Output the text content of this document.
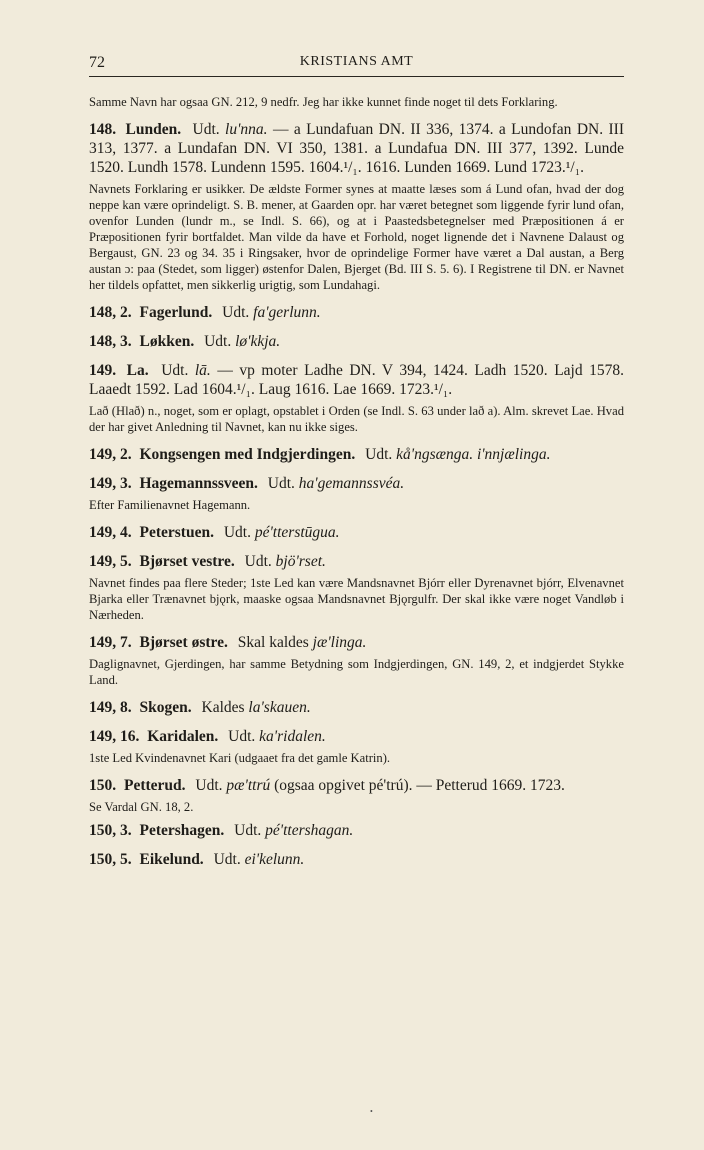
72	KRISTIANS AMT

Samme Navn har ogsaa GN. 212, 9 nedfr. Jeg har ikke kunnet finde noget til dets Forklaring.

148. Lunden. Udt. lu'nna. — a Lundafuan DN. II 336, 1374. a Lundofan DN. III 313, 1377. a Lundafan DN. VI 350, 1381. a Lundafua DN. III 377, 1392. Lunde 1520. Lundh 1578. Lundenn 1595. 1604.¹/₁. 1616. Lunden 1669. Lund 1723.¹/₁.

Navnets Forklaring er usikker. De ældste Former synes at maatte læses som á Lund ofan, hvad der dog neppe kan være oprindeligt. S. B. mener, at Gaarden opr. har været betegnet som liggende fyrir lund ofan, ovenfor Lunden (lundr m., se Indl. S. 66), og at i Paastedsbetegnelser med Præpositionen á er Præpositionen fyrir bortfaldet. Man vilde da have et Forhold, noget lignende det i Navnene Dalaust og Bergaust, GN. 23 og 34. 35 i Ringsaker, hvor de oprindelige Former have været a Dal austan, a Berg austan ɔ: paa (Stedet, som ligger) østenfor Dalen, Bjerget (Bd. III S. 5. 6). I Registrene til DN. er Navnet her tildels opfattet, men sikkerlig urigtig, som Lundahagi.

148, 2. Fagerlund. Udt. fa'gerlunn.

148, 3. Løkken. Udt. lø'kkja.

149. La. Udt. lā. — vp moter Ladhe DN. V 394, 1424. Ladh 1520. Lajd 1578. Laaedt 1592. Lad 1604.¹/₁. Laug 1616. Lae 1669. 1723.¹/₁.

Lað (Hlað) n., noget, som er oplagt, opstablet i Orden (se Indl. S. 63 under lað a). Alm. skrevet Lae. Hvad der har givet Anledning til Navnet, kan nu ikke siges.

149, 2. Kongsengen med Indgjerdingen. Udt. kå'ngsænga. i'nnjælinga.

149, 3. Hagemannssveen. Udt. ha'gemannssvéa.

Efter Familienavnet Hagemann.

149, 4. Peterstuen. Udt. pé'tterstūgua.

149, 5. Bjørset vestre. Udt. bjö'rset.

Navnet findes paa flere Steder; 1ste Led kan være Mandsnavnet Bjórr eller Dyrenavnet bjórr, Elvenavnet Bjarka eller Trænavnet bjǫrk, maaske ogsaa Mandsnavnet Bjǫrgulfr. Der skal ikke være noget Vandløb i Nærheden.

149, 7. Bjørset østre. Skal kaldes jæ'linga.

Daglignavnet, Gjerdingen, har samme Betydning som Indgjerdingen, GN. 149, 2, et indgjerdet Stykke Land.

149, 8. Skogen. Kaldes la'skauen.

149, 16. Karidalen. Udt. ka'ridalen.

1ste Led Kvindenavnet Kari (udgaaet fra det gamle Katrin).

150. Petterud. Udt. pæ'ttrú (ogsaa opgivet pé'trú). — Petterud 1669. 1723.

Se Vardal GN. 18, 2.

150, 3. Petershagen. Udt. pé'ttershagan.

150, 5. Eikelund. Udt. ei'kelunn.

•
